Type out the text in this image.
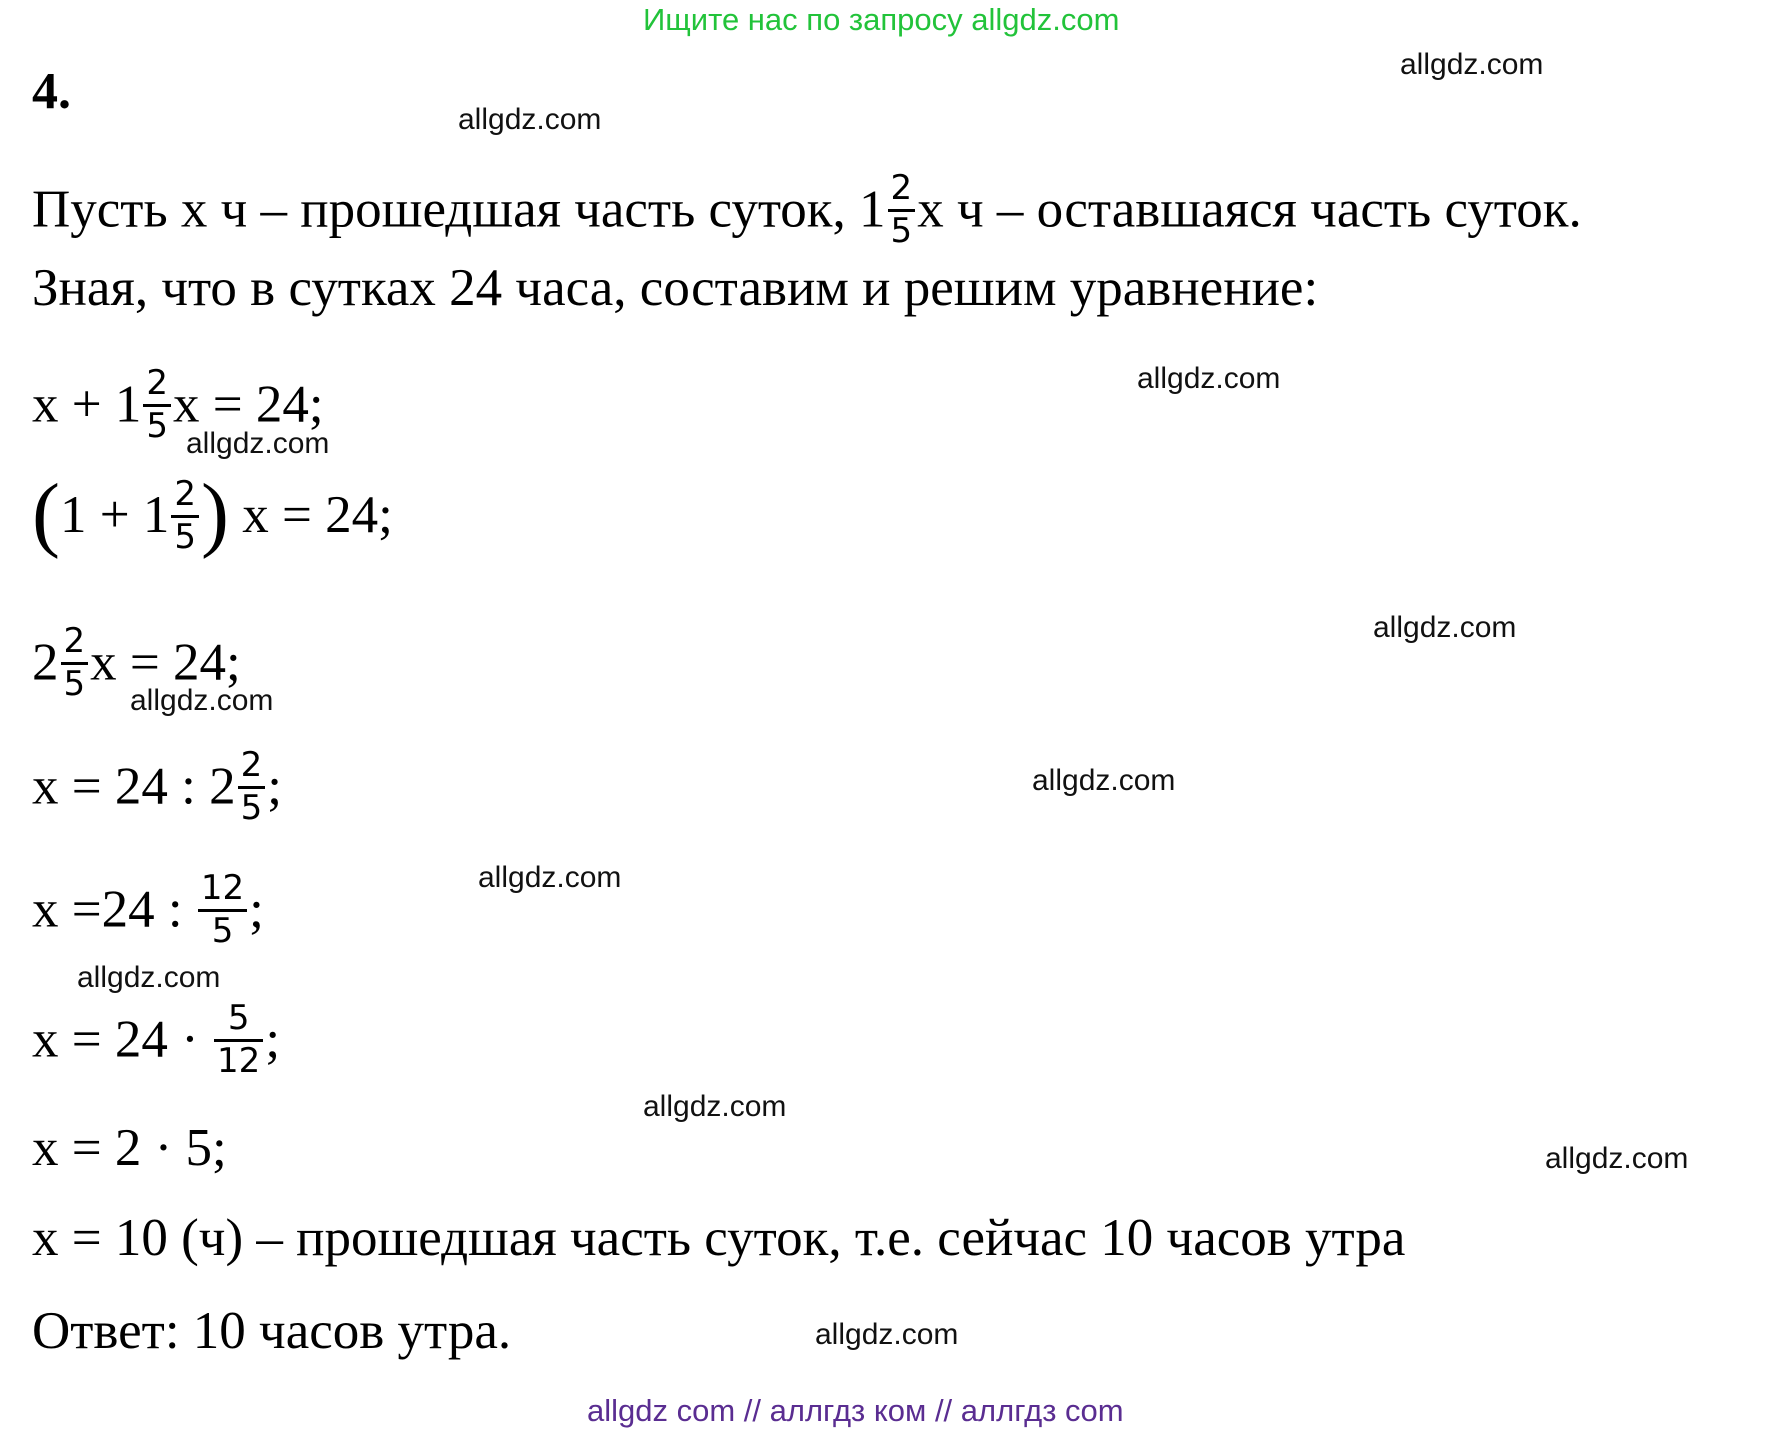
Ищите нас по запросу allgdz.com
4.	allgdz.com
allgdz.com
allgdz.com
allgdz.com
allgdz.com
allgdz.com
allgdz.com
allgdz.com
allgdz.com
allgdz.com
allgdz.com
allgdz.com
Пусть x ч – прошедшая часть суток, $1 \frac{2}{5}$ x ч – оставшаяся часть суток.
Зная, что в сутках 24 часа, составим и решим уравнение:
$x + 1 \frac{2}{5}$ x = 24;
($1 + 1 \frac{2}{5}$ ) x = 24;
$2 \frac{2}{5}$ x = 24;
x = 24 : $2 \frac{2}{5}$ ;
x =24 : $\frac{12}{5}$ ;
$x = 24 \cdot \frac{5}{12}$ ;
x = 2 · 5;
x = 10 (ч) – прошедшая часть суток, т.е. сейчас 10 часов утра
Ответ: 10 часов утра.
allgdz com // аллгдз ком // аллгдз com
